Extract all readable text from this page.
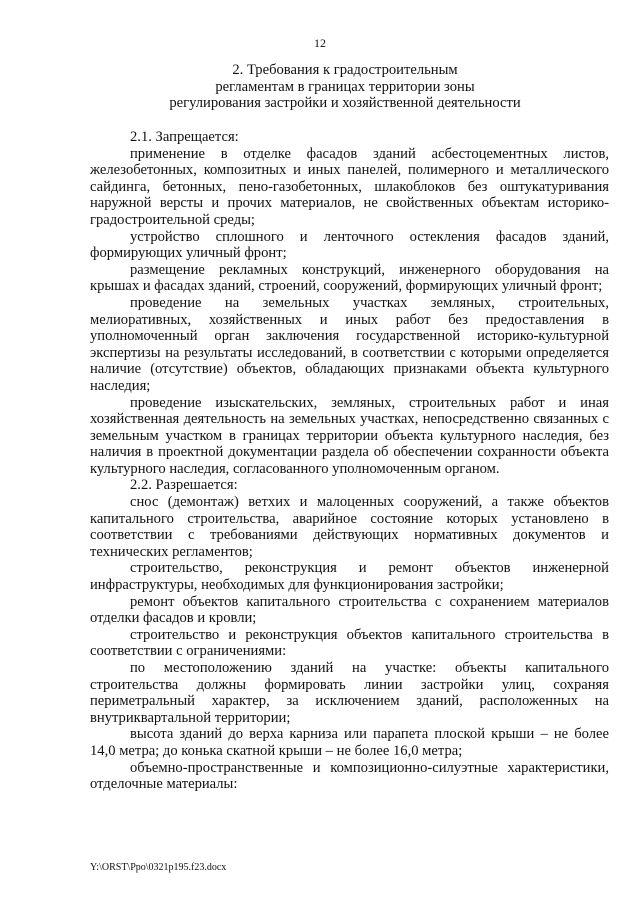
12
2. Требования к градостроительным
регламентам в границах территории зоны
регулирования застройки и хозяйственной деятельности

2.1. Запрещается:

применение в отделке фасадов зданий асбестоцементных листов, железобетонных, композитных и иных панелей, полимерного и металлического сайдинга, бетонных, пено-газобетонных, шлакоблоков без оштукатуривания наружной версты и прочих материалов, не свойственных объектам историко-градостроительной среды;

устройство сплошного и ленточного остекления фасадов зданий, формирующих уличный фронт;

размещение рекламных конструкций, инженерного оборудования на крышах и фасадах зданий, строений, сооружений, формирующих уличный фронт;

проведение на земельных участках земляных, строительных, мелиоративных, хозяйственных и иных работ без предоставления в уполномоченный орган заключения государственной историко-культурной экспертизы на результаты исследований, в соответствии с которыми определяется наличие (отсутствие) объектов, обладающих признаками объекта культурного наследия;

проведение изыскательских, земляных, строительных работ и иная хозяйственная деятельность на земельных участках, непосредственно связанных с земельным участком в границах территории объекта культурного наследия, без наличия в проектной документации раздела об обеспечении сохранности объекта культурного наследия, согласованного уполномоченным органом.

2.2. Разрешается:

снос (демонтаж) ветхих и малоценных сооружений, а также объектов капитального строительства, аварийное состояние которых установлено в соответствии с требованиями действующих нормативных документов и технических регламентов;

строительство, реконструкция и ремонт объектов инженерной инфраструктуры, необходимых для функционирования застройки;

ремонт объектов капитального строительства с сохранением материалов отделки фасадов и кровли;

строительство и реконструкция объектов капитального строительства в соответствии с ограничениями:

по местоположению зданий на участке: объекты капитального строительства должны формировать линии застройки улиц, сохраняя периметральный характер, за исключением зданий, расположенных на внутриквартальной территории;

высота зданий до верха карниза или парапета плоской крыши – не более 14,0 метра; до конька скатной крыши – не более 16,0 метра;

объемно-пространственные и композиционно-силуэтные характеристики, отделочные материалы:

Y:\ORST\Ppo\0321p195.f23.docx
